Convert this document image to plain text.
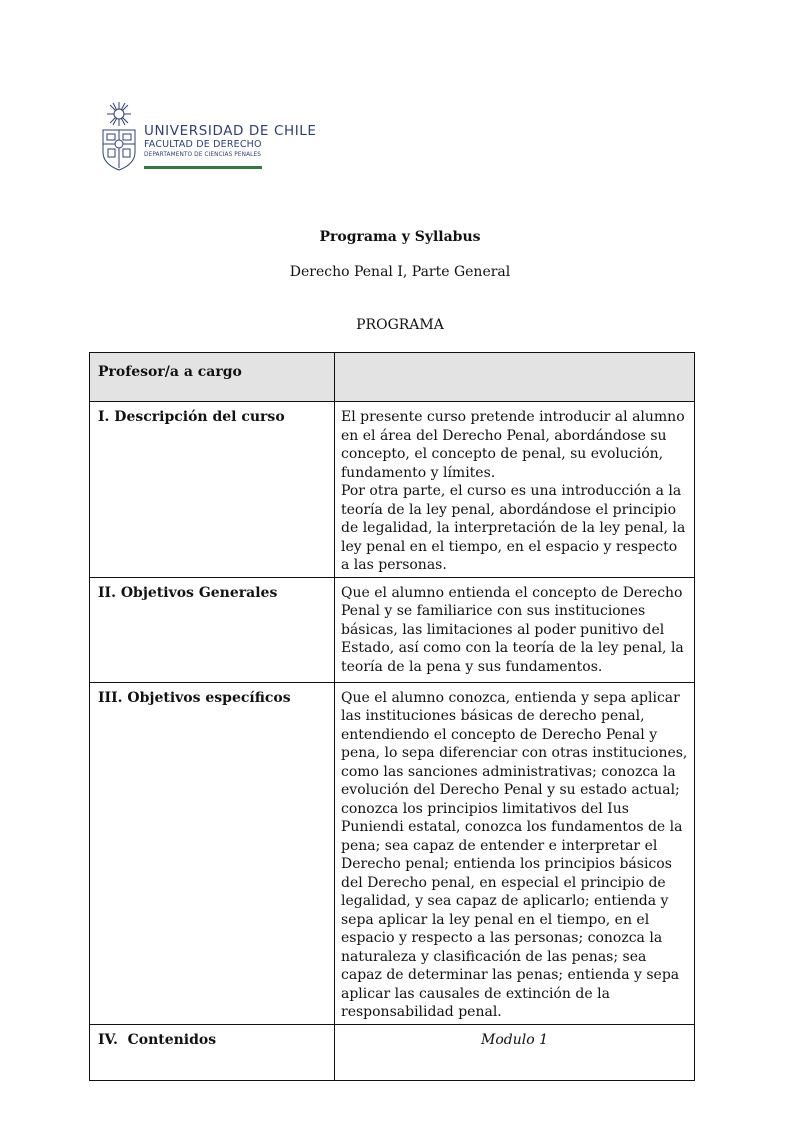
UNIVERSIDAD DE CHILE
FACULTAD DE DERECHO
DEPARTAMENTO DE CIENCIAS PENALES
Programa y Syllabus
Derecho Penal I, Parte General
PROGRAMA
Profesor/a a cargo	
I. Descripción del curso	El presente curso pretende introducir al alumno en el área del Derecho Penal, abordándose su concepto, el concepto de penal, su evolución, fundamento y límites.

Por otra parte, el curso es una introducción a la teoría de la ley penal, abordándose el principio de legalidad, la interpretación de la ley penal, la ley penal en el tiempo, en el espacio y respecto a las personas.

II. Objetivos Generales	Que el alumno entienda el concepto de Derecho Penal y se familiarice con sus instituciones básicas, las limitaciones al poder punitivo del Estado, así como con la teoría de la ley penal, la teoría de la pena y sus fundamentos.
III. Objetivos específicos	Que el alumno conozca, entienda y sepa aplicar las instituciones básicas de derecho penal, entendiendo el concepto de Derecho Penal y pena, lo sepa diferenciar con otras instituciones, como las sanciones administrativas; conozca la evolución del Derecho Penal y su estado actual; conozca los principios limitativos del Ius Puniendi estatal, conozca los fundamentos de la pena; sea capaz de entender e interpretar el Derecho penal; entienda los principios básicos del Derecho penal, en especial el principio de legalidad, y sea capaz de aplicarlo; entienda y sepa aplicar la ley penal en el tiempo, en el espacio y respecto a las personas; conozca la naturaleza y clasificación de las penas; sea capaz de determinar las penas; entienda y sepa aplicar las causales de extinción de la responsabilidad penal.
IV.  Contenidos	Modulo 1
